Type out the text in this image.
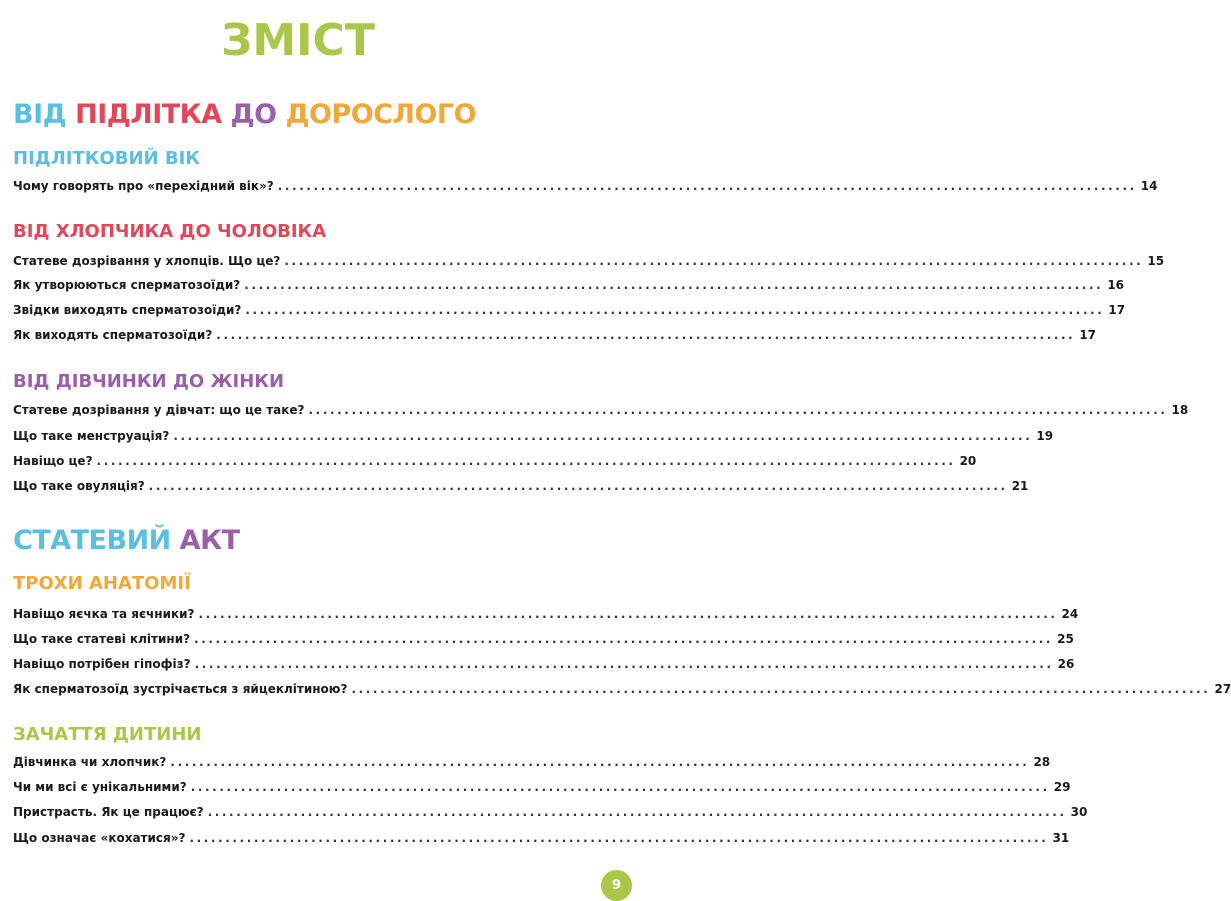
ЗМІСТ
ВІД ПІДЛІТКА ДО ДОРОСЛОГО
ПІДЛІТКОВИЙ ВІК
Чому говорять про «перехідний вік»? ........................................................................................................................ 14
ВІД ХЛОПЧИКА ДО ЧОЛОВІКА
Статеве дозрівання у хлопців. Що це? ........................................................................................................................ 15
Як утворюються сперматозоїди? ........................................................................................................................ 16
Звідки виходять сперматозоїди? ........................................................................................................................ 17
Як виходять сперматозоїди? ........................................................................................................................ 17
ВІД ДІВЧИНКИ ДО ЖІНКИ
Статеве дозрівання у дівчат: що це таке? ........................................................................................................................ 18
Що таке менструація? ........................................................................................................................ 19
Навіщо це? ........................................................................................................................ 20
Що таке овуляція? ........................................................................................................................ 21
СТАТЕВИЙ АКТ
ТРОХИ АНАТОМІЇ
Навіщо яєчка та яєчники? ........................................................................................................................ 24
Що таке статеві клітини? ........................................................................................................................ 25
Навіщо потрібен гіпофіз? ........................................................................................................................ 26
Як сперматозоїд зустрічається з яйцеклітиною? ........................................................................................................................ 27
ЗАЧАТТЯ ДИТИНИ
Дівчинка чи хлопчик? ........................................................................................................................ 28
Чи ми всі є унікальними? ........................................................................................................................ 29
Пристрасть. Як це працює? ........................................................................................................................ 30
Що означає «кохатися»? ........................................................................................................................ 31
9
